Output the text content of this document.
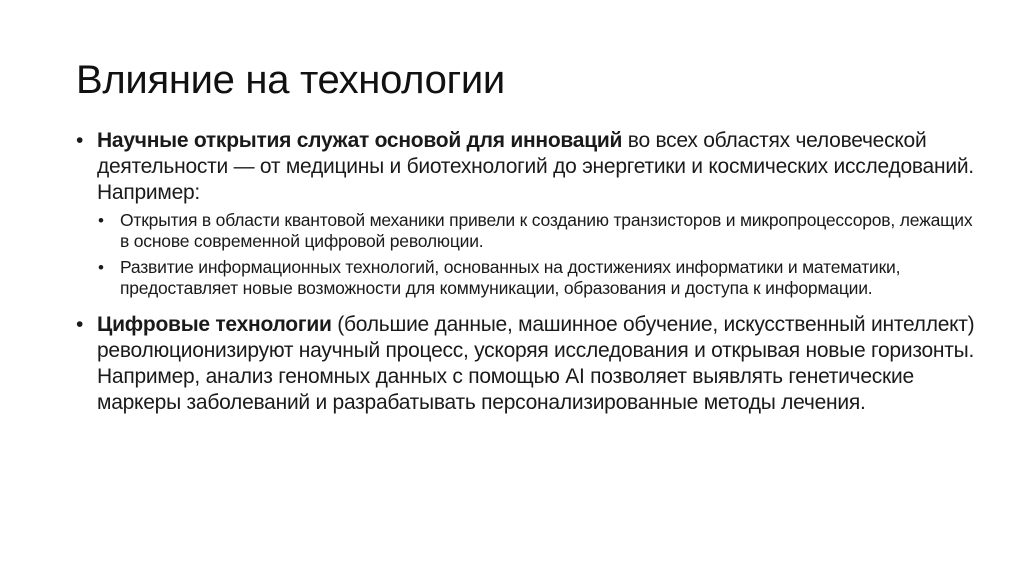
Влияние на технологии
• Научные открытия служат основой для инноваций во всех областях человеческой деятельности — от медицины и биотехнологий до энергетики и космических исследований. Например:
• Открытия в области квантовой механики привели к созданию транзисторов и микропроцессоров, лежащих в основе современной цифровой революции.
• Развитие информационных технологий, основанных на достижениях информатики и математики, предоставляет новые возможности для коммуникации, образования и доступа к информации.
• Цифровые технологии (большие данные, машинное обучение, искусственный интеллект) революционизируют научный процесс, ускоряя исследования и открывая новые горизонты. Например, анализ геномных данных с помощью AI позволяет выявлять генетические маркеры заболеваний и разрабатывать персонализированные методы лечения.
